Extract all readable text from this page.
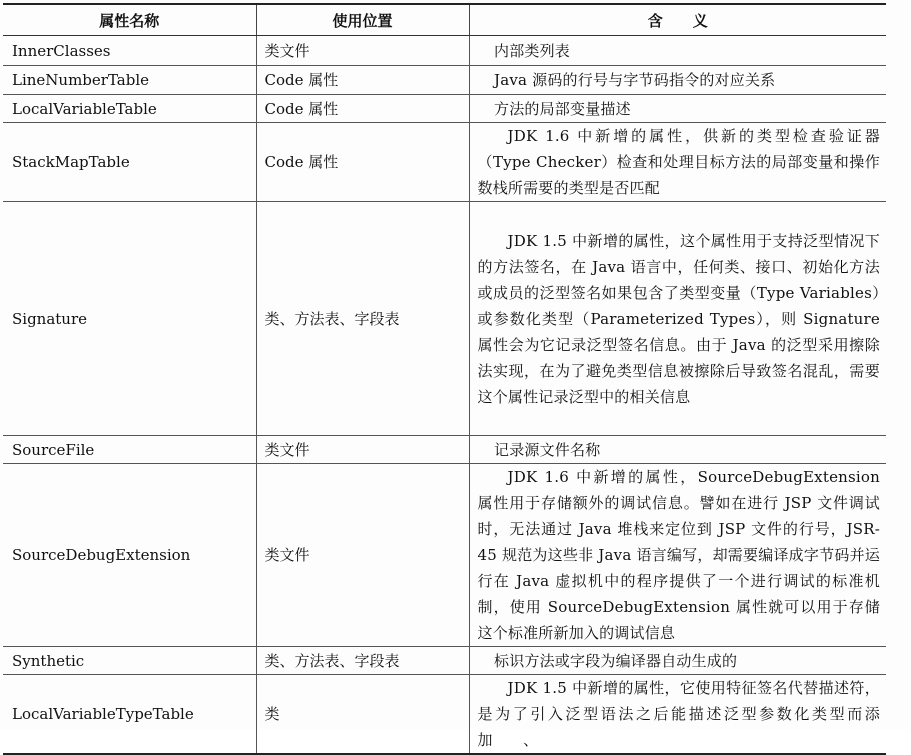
属性名称	使用位置	含　　义
InnerClasses	类文件	内部类列表
LineNumberTable	Code 属性	Java 源码的行号与字节码指令的对应关系
LocalVariableTable	Code 属性	方法的局部变量描述
StackMapTable	Code 属性	JDK 1.6 中新增的属性，供新的类型检查验证器（Type Checker）检查和处理目标方法的局部变量和操作数栈所需要的类型是否匹配
Signature	类、方法表、字段表	JDK 1.5 中新增的属性，这个属性用于支持泛型情况下的方法签名，在 Java 语言中，任何类、接口、初始化方法或成员的泛型签名如果包含了类型变量（Type Variables）或参数化类型（Parameterized Types），则 Signature 属性会为它记录泛型签名信息。由于 Java 的泛型采用擦除法实现，在为了避免类型信息被擦除后导致签名混乱，需要这个属性记录泛型中的相关信息
SourceFile	类文件	记录源文件名称
SourceDebugExtension	类文件	JDK 1.6 中新增的属性，SourceDebugExtension 属性用于存储额外的调试信息。譬如在进行 JSP 文件调试时，无法通过 Java 堆栈来定位到 JSP 文件的行号，JSR-45 规范为这些非 Java 语言编写，却需要编译成字节码并运行在 Java 虚拟机中的程序提供了一个进行调试的标准机制，使用 SourceDebugExtension 属性就可以用于存储这个标准所新加入的调试信息
Synthetic	类、方法表、字段表	标识方法或字段为编译器自动生成的
LocalVariableTypeTable	类	JDK 1.5 中新增的属性，它使用特征签名代替描述符，是为了引入泛型语法之后能描述泛型参数化类型而添加　　、
